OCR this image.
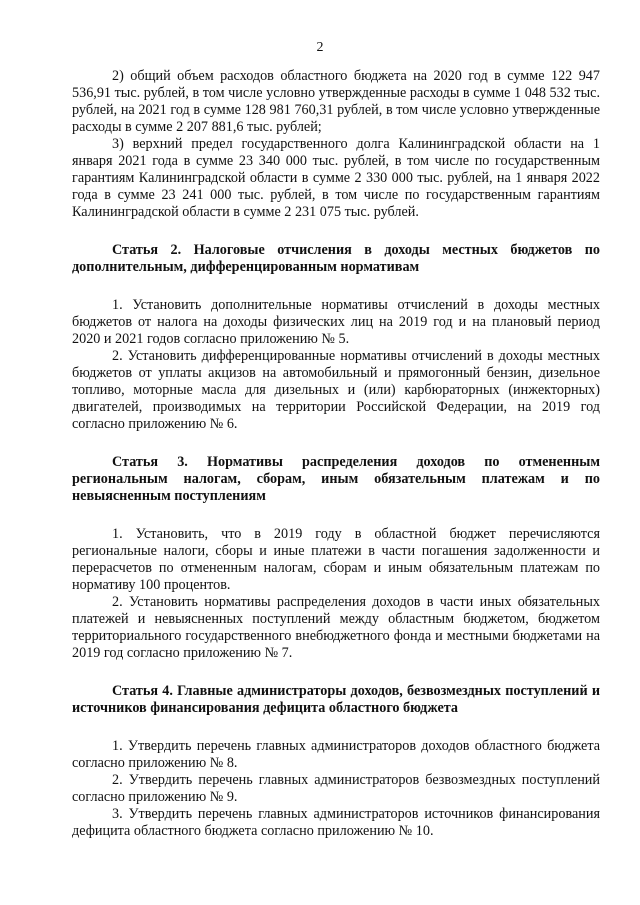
2

2) общий объем расходов областного бюджета на 2020 год в сумме 122 947 536,91 тыс. рублей, в том числе условно утвержденные расходы в сумме 1 048 532 тыс. рублей, на 2021 год в сумме 128 981 760,31 рублей, в том числе условно утвержденные расходы в сумме 2 207 881,6 тыс. рублей;

3) верхний предел государственного долга Калининградской области на 1 января 2021 года в сумме 23 340 000 тыс. рублей, в том числе по государственным гарантиям Калининградской области в сумме 2 330 000 тыс. рублей, на 1 января 2022 года в сумме 23 241 000 тыс. рублей, в том числе по государственным гарантиям Калининградской области в сумме 2 231 075 тыс. рублей.

Статья 2. Налоговые отчисления в доходы местных бюджетов по дополнительным, дифференцированным нормативам

1. Установить дополнительные нормативы отчислений в доходы местных бюджетов от налога на доходы физических лиц на 2019 год и на плановый период 2020 и 2021 годов согласно приложению № 5.

2. Установить дифференцированные нормативы отчислений в доходы местных бюджетов от уплаты акцизов на автомобильный и прямогонный бензин, дизельное топливо, моторные масла для дизельных и (или) карбюраторных (инжекторных) двигателей, производимых на территории Российской Федерации, на 2019 год согласно приложению № 6.

Статья 3. Нормативы распределения доходов по отмененным региональным налогам, сборам, иным обязательным платежам и по невыясненным поступлениям

1. Установить, что в 2019 году в областной бюджет перечисляются региональные налоги, сборы и иные платежи в части погашения задолженности и перерасчетов по отмененным налогам, сборам и иным обязательным платежам по нормативу 100 процентов.

2. Установить нормативы распределения доходов в части иных обязательных платежей и невыясненных поступлений между областным бюджетом, бюджетом территориального государственного внебюджетного фонда и местными бюджетами на 2019 год согласно приложению № 7.

Статья 4. Главные администраторы доходов, безвозмездных поступлений и источников финансирования дефицита областного бюджета

1. Утвердить перечень главных администраторов доходов областного бюджета согласно приложению № 8.

2. Утвердить перечень главных администраторов безвозмездных поступлений согласно приложению № 9.

3. Утвердить перечень главных администраторов источников финансирования дефицита областного бюджета согласно приложению № 10.
